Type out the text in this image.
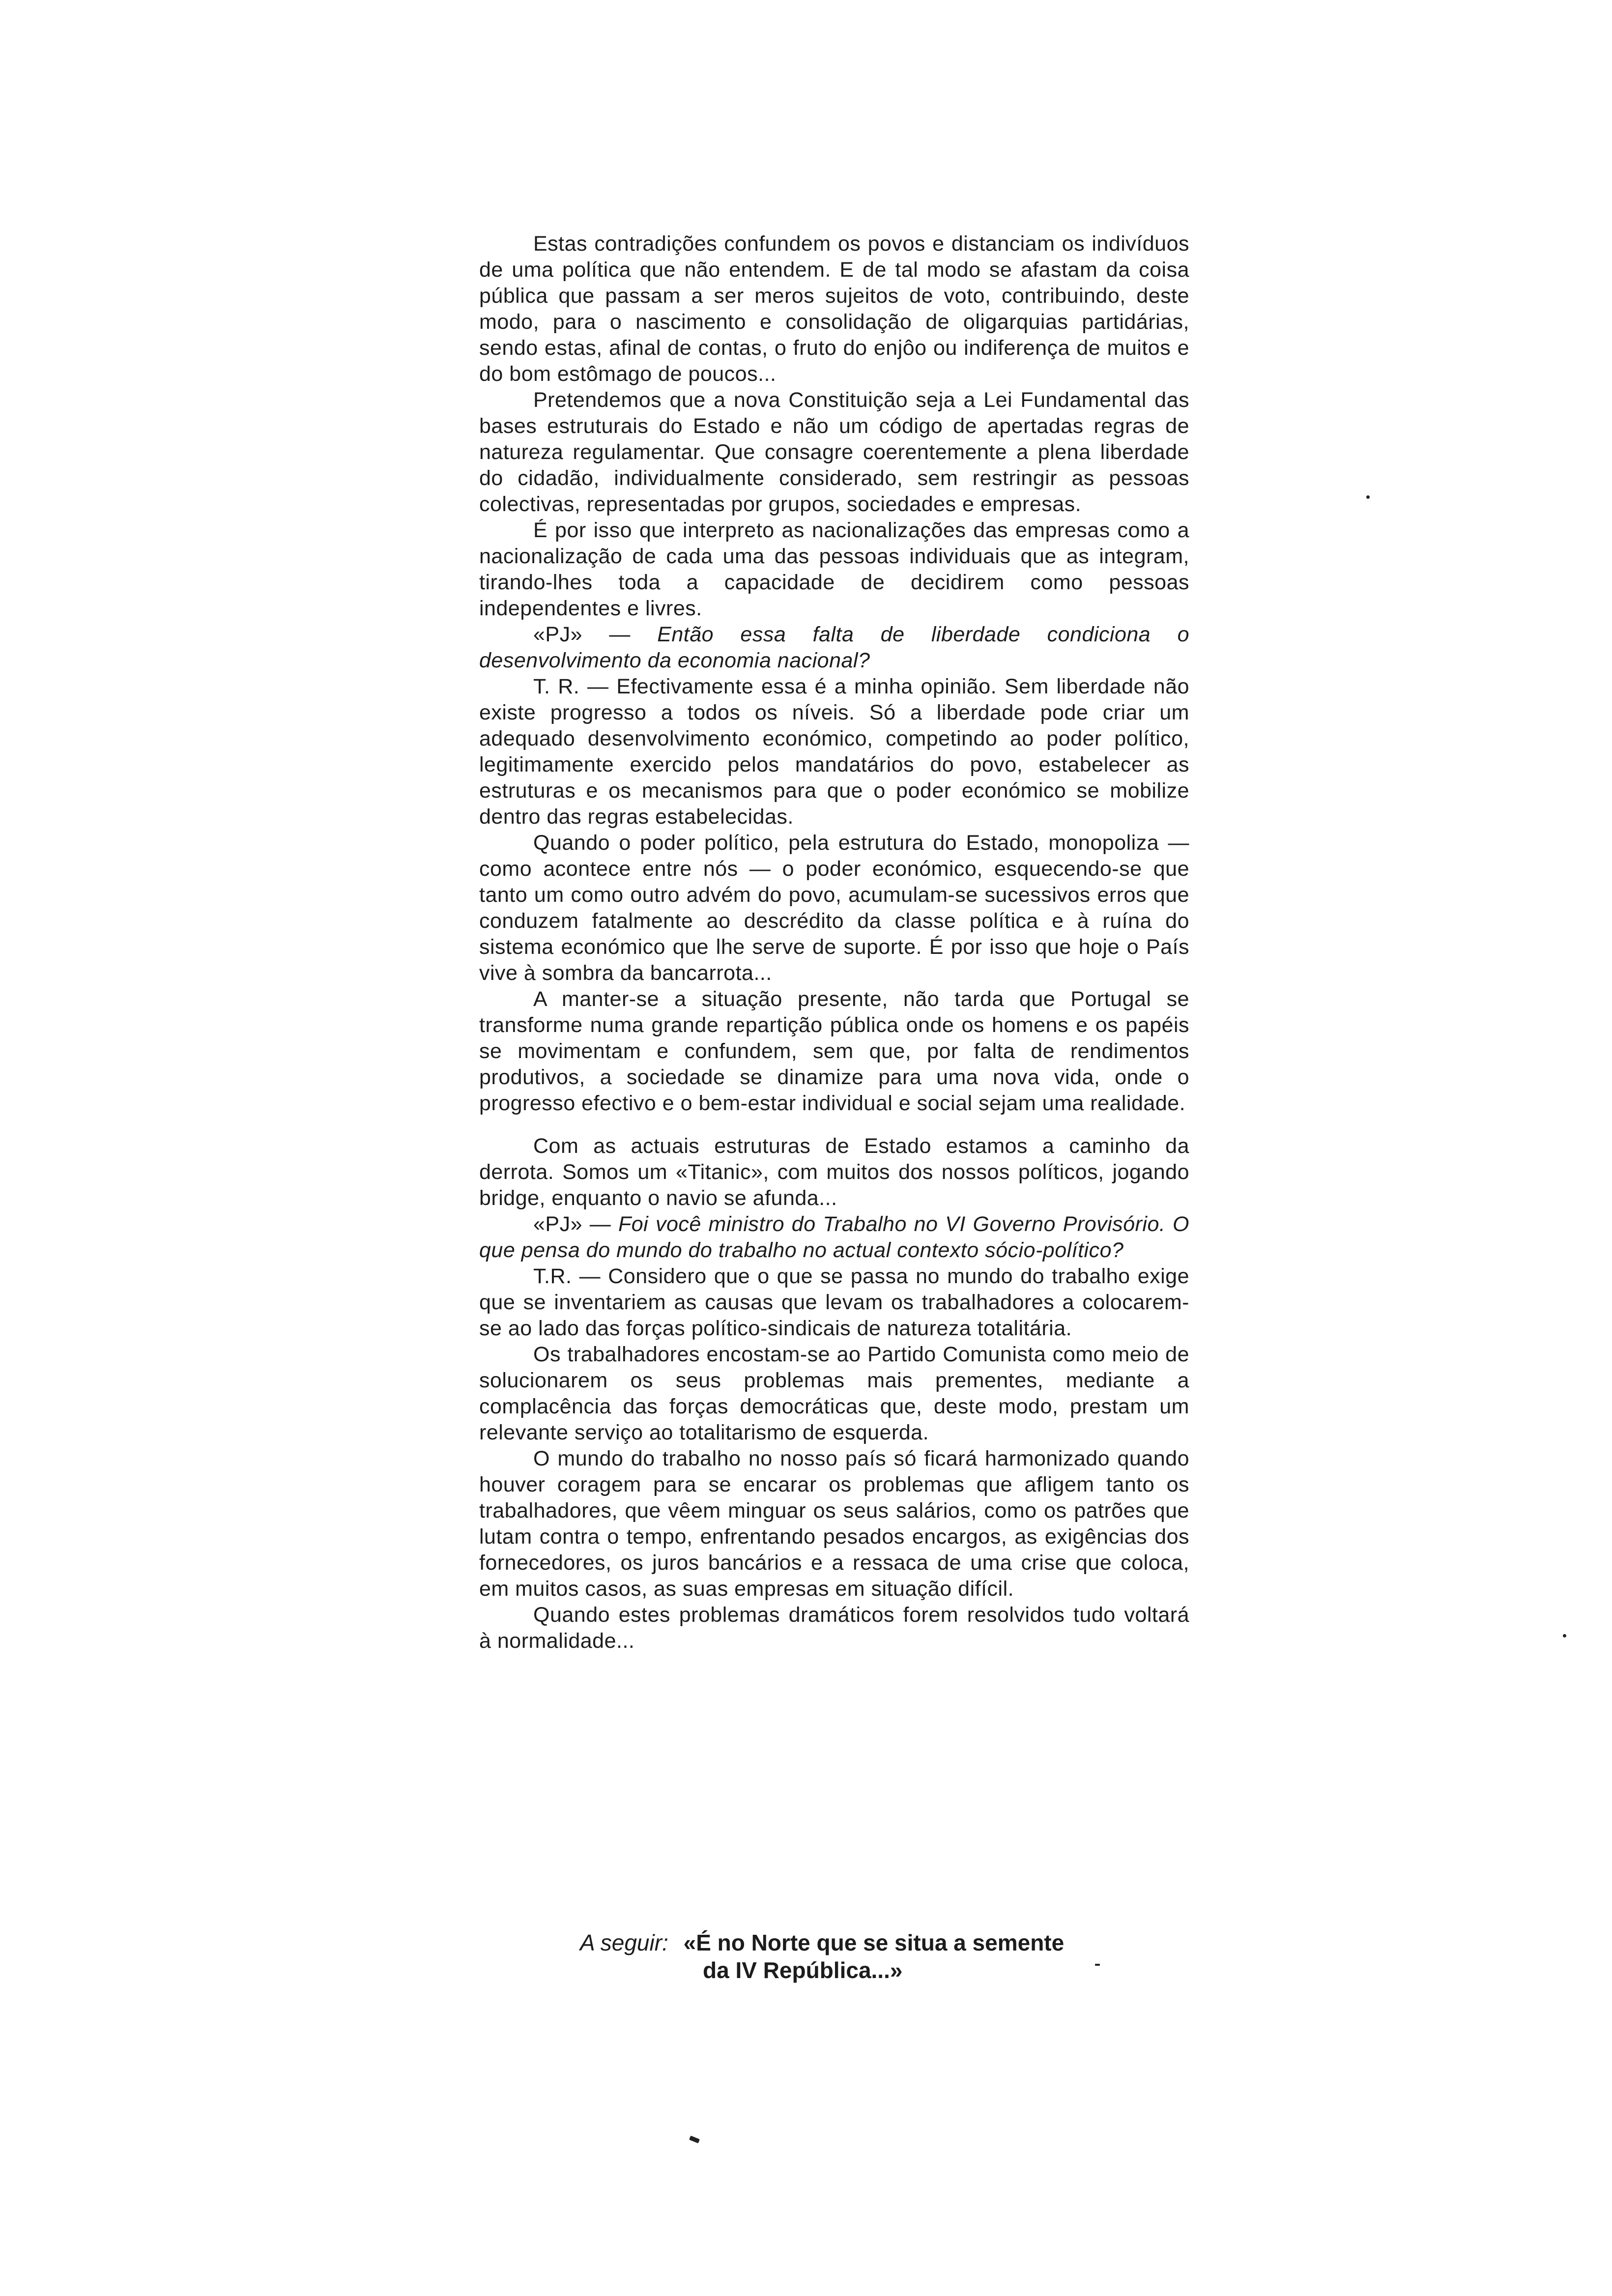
Estas contradições confundem os povos e distanciam os indivíduos de uma política que não entendem. E de tal modo se afastam da coisa pública que passam a ser meros sujeitos de voto, contribuindo, deste modo, para o nascimento e consolidação de oligarquias partidárias, sendo estas, afinal de contas, o fruto do enjôo ou indiferença de muitos e do bom estômago de poucos...

Pretendemos que a nova Constituição seja a Lei Fundamental das bases estruturais do Estado e não um código de apertadas regras de natureza regulamentar. Que consagre coerentemente a plena liberdade do cidadão, individualmente considerado, sem restringir as pessoas colectivas, representadas por grupos, sociedades e empresas.

É por isso que interpreto as nacionalizações das empresas como a nacionalização de cada uma das pessoas individuais que as integram, tirando-lhes toda a capacidade de decidirem como pessoas independentes e livres.

«PJ» — Então essa falta de liberdade condiciona o desenvolvimento da economia nacional?

T. R. — Efectivamente essa é a minha opinião. Sem liberdade não existe progresso a todos os níveis. Só a liberdade pode criar um adequado desenvolvimento económico, competindo ao poder político, legitimamente exercido pelos mandatários do povo, estabelecer as estruturas e os mecanismos para que o poder económico se mobilize dentro das regras estabelecidas.

Quando o poder político, pela estrutura do Estado, monopoliza — como acontece entre nós — o poder económico, esquecendo-se que tanto um como outro advém do povo, acumulam-se sucessivos erros que conduzem fatalmente ao descrédito da classe política e à ruína do sistema económico que lhe serve de suporte. É por isso que hoje o País vive à sombra da bancarrota...

A manter-se a situação presente, não tarda que Portugal se transforme numa grande repartição pública onde os homens e os papéis se movimentam e confundem, sem que, por falta de rendimentos produtivos, a sociedade se dinamize para uma nova vida, onde o progresso efectivo e o bem-estar individual e social sejam uma realidade.

Com as actuais estruturas de Estado estamos a caminho da derrota. Somos um «Titanic», com muitos dos nossos políticos, jogando bridge, enquanto o navio se afunda...

«PJ» — Foi você ministro do Trabalho no VI Governo Provisório. O que pensa do mundo do trabalho no actual contexto sócio-político?

T.R. — Considero que o que se passa no mundo do trabalho exige que se inventariem as causas que levam os trabalhadores a colocarem-se ao lado das forças político-sindicais de natureza totalitária.

Os trabalhadores encostam-se ao Partido Comunista como meio de solucionarem os seus problemas mais prementes, mediante a complacência das forças democráticas que, deste modo, prestam um relevante serviço ao totalitarismo de esquerda.

O mundo do trabalho no nosso país só ficará harmonizado quando houver coragem para se encarar os problemas que afligem tanto os trabalhadores, que vêem minguar os seus salários, como os patrões que lutam contra o tempo, enfrentando pesados encargos, as exigências dos fornecedores, os juros bancários e a ressaca de uma crise que coloca, em muitos casos, as suas empresas em situação difícil.

Quando estes problemas dramáticos forem resolvidos tudo voltará à normalidade...

A seguir: «É no Norte que se situa a semente
da IV República...»
